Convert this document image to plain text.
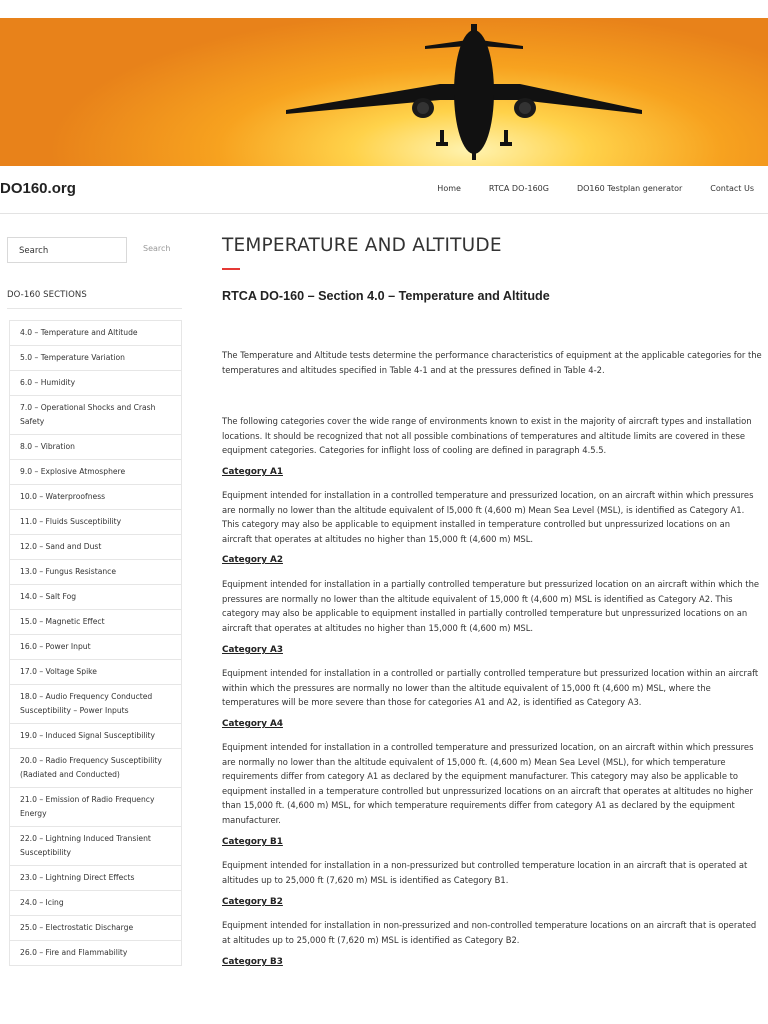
DO160.org	Home	RTCA DO-160G	DO160 Testplan generator	Contact Us
Search
Search
DO-160 SECTIONS
4.0 – Temperature and Altitude
5.0 – Temperature Variation
6.0 – Humidity
7.0 – Operational Shocks and Crash Safety
8.0 – Vibration
9.0 – Explosive Atmosphere
10.0 – Waterproofness
11.0 – Fluids Susceptibility
12.0 – Sand and Dust
13.0 – Fungus Resistance
14.0 – Salt Fog
15.0 – Magnetic Effect
16.0 – Power Input
17.0 – Voltage Spike
18.0 – Audio Frequency Conducted Susceptibility – Power Inputs
19.0 – Induced Signal Susceptibility
20.0 – Radio Frequency Susceptibility (Radiated and Conducted)
21.0 – Emission of Radio Frequency Energy
22.0 – Lightning Induced Transient Susceptibility
23.0 – Lightning Direct Effects
24.0 – Icing
25.0 – Electrostatic Discharge
26.0 – Fire and Flammability
TEMPERATURE AND ALTITUDE
RTCA DO-160 – Section 4.0 – Temperature and Altitude

The Temperature and Altitude tests determine the performance characteristics of equipment at the applicable categories for the temperatures and altitudes specified in Table 4-1 and at the pressures defined in Table 4-2.

The following categories cover the wide range of environments known to exist in the majority of aircraft types and installation locations. It should be recognized that not all possible combinations of temperatures and altitude limits are covered in these equipment categories. Categories for inflight loss of cooling are defined in paragraph 4.5.5.

Category A1

Equipment intended for installation in a controlled temperature and pressurized location, on an aircraft within which pressures are normally no lower than the altitude equivalent of l5,000 ft (4,600 m) Mean Sea Level (MSL), is identified as Category A1. This category may also be applicable to equipment installed in temperature controlled but unpressurized locations on an aircraft that operates at altitudes no higher than 15,000 ft (4,600 m) MSL.

Category A2

Equipment intended for installation in a partially controlled temperature but pressurized location on an aircraft within which the pressures are normally no lower than the altitude equivalent of 15,000 ft (4,600 m) MSL is identified as Category A2. This category may also be applicable to equipment installed in partially controlled temperature but unpressurized locations on an aircraft that operates at altitudes no higher than 15,000 ft (4,600 m) MSL.

Category A3

Equipment intended for installation in a controlled or partially controlled temperature but pressurized location within an aircraft within which the pressures are normally no lower than the altitude equivalent of 15,000 ft (4,600 m) MSL, where the temperatures will be more severe than those for categories A1 and A2, is identified as Category A3.

Category A4

Equipment intended for installation in a controlled temperature and pressurized location, on an aircraft within which pressures are normally no lower than the altitude equivalent of 15,000 ft. (4,600 m) Mean Sea Level (MSL), for which temperature requirements differ from category A1 as declared by the equipment manufacturer. This category may also be applicable to equipment installed in a temperature controlled but unpressurized locations on an aircraft that operates at altitudes no higher than 15,000 ft. (4,600 m) MSL, for which temperature requirements differ from category A1 as declared by the equipment manufacturer.

Category B1

Equipment intended for installation in a non-pressurized but controlled temperature location in an aircraft that is operated at altitudes up to 25,000 ft (7,620 m) MSL is identified as Category B1.

Category B2

Equipment intended for installation in non-pressurized and non-controlled temperature locations on an aircraft that is operated at altitudes up to 25,000 ft (7,620 m) MSL is identified as Category B2.

Category B3
